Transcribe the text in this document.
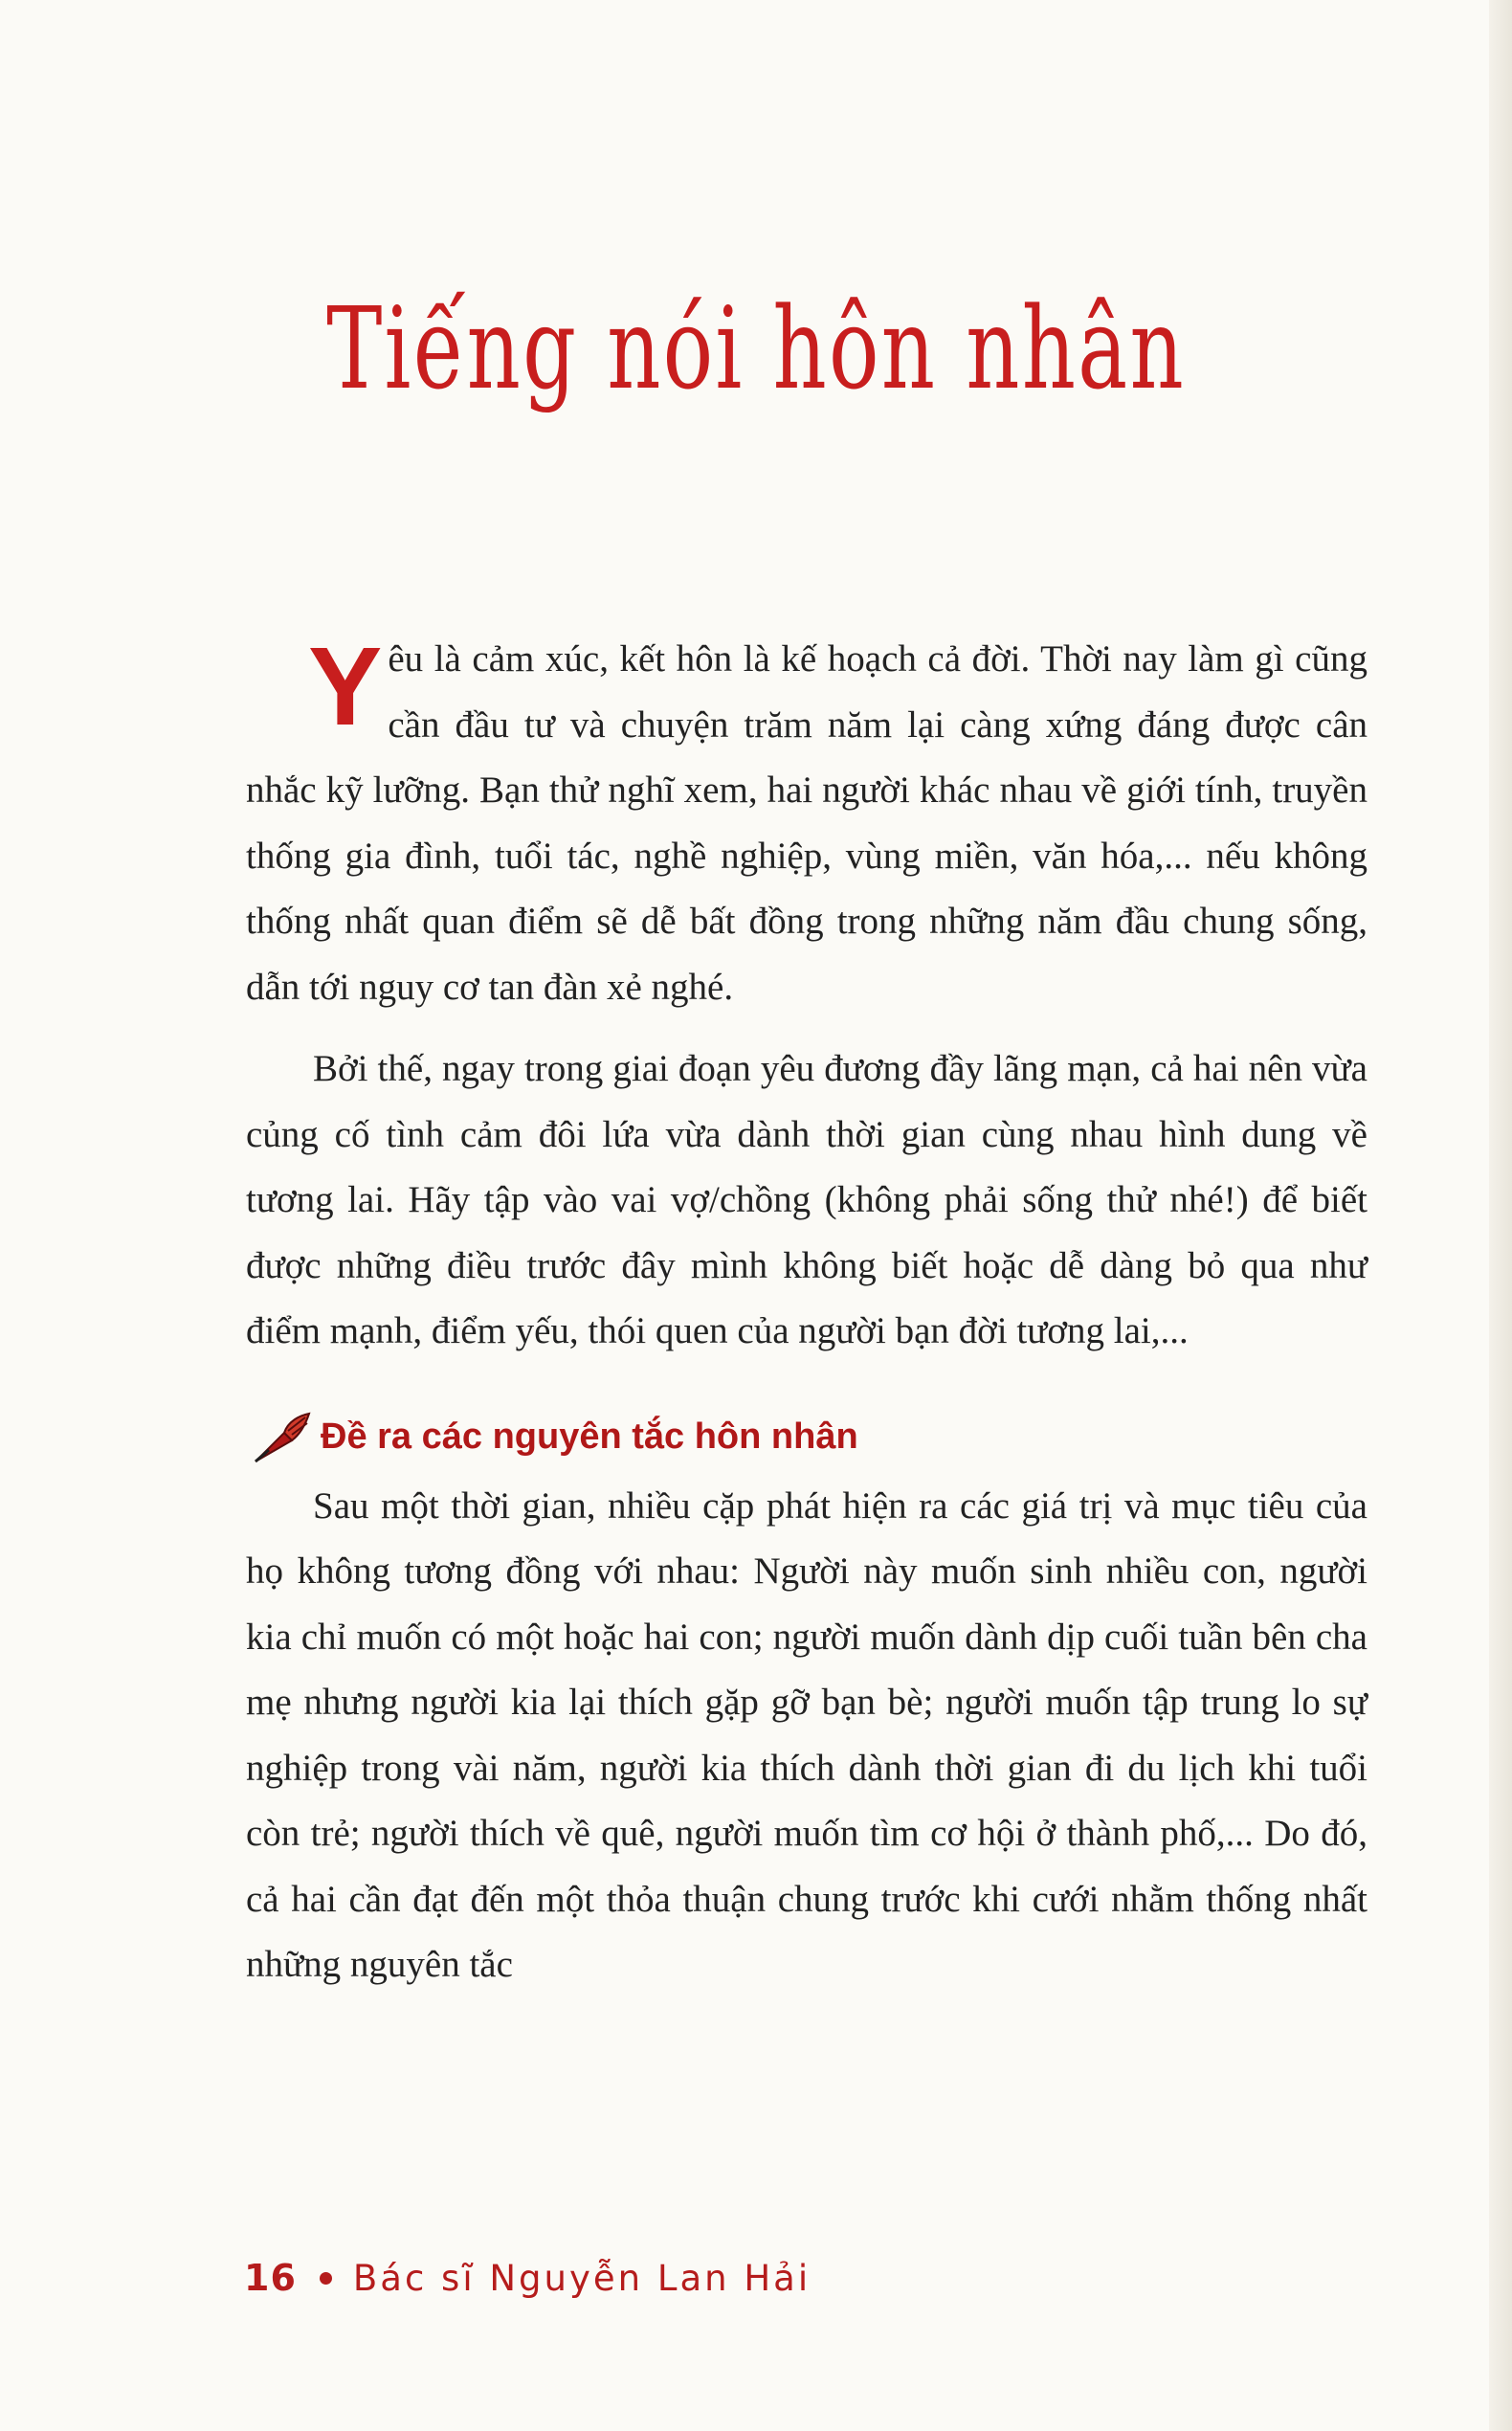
Tiếng nói hôn nhân

Yêu là cảm xúc, kết hôn là kế hoạch cả đời. Thời nay làm gì cũng cần đầu tư và chuyện trăm năm lại càng xứng đáng được cân nhắc kỹ lưỡng. Bạn thử nghĩ xem, hai người khác nhau về giới tính, truyền thống gia đình, tuổi tác, nghề nghiệp, vùng miền, văn hóa,... nếu không thống nhất quan điểm sẽ dễ bất đồng trong những năm đầu chung sống, dẫn tới nguy cơ tan đàn xẻ nghé.

Bởi thế, ngay trong giai đoạn yêu đương đầy lãng mạn, cả hai nên vừa củng cố tình cảm đôi lứa vừa dành thời gian cùng nhau hình dung về tương lai. Hãy tập vào vai vợ/chồng (không phải sống thử nhé!) để biết được những điều trước đây mình không biết hoặc dễ dàng bỏ qua như điểm mạnh, điểm yếu, thói quen của người bạn đời tương lai,...

Đề ra các nguyên tắc hôn nhân

Sau một thời gian, nhiều cặp phát hiện ra các giá trị và mục tiêu của họ không tương đồng với nhau: Người này muốn sinh nhiều con, người kia chỉ muốn có một hoặc hai con; người muốn dành dịp cuối tuần bên cha mẹ nhưng người kia lại thích gặp gỡ bạn bè; người muốn tập trung lo sự nghiệp trong vài năm, người kia thích dành thời gian đi du lịch khi tuổi còn trẻ; người thích về quê, người muốn tìm cơ hội ở thành phố,... Do đó, cả hai cần đạt đến một thỏa thuận chung trước khi cưới nhằm thống nhất những nguyên tắc

16 Bác sĩ Nguyễn Lan Hải
